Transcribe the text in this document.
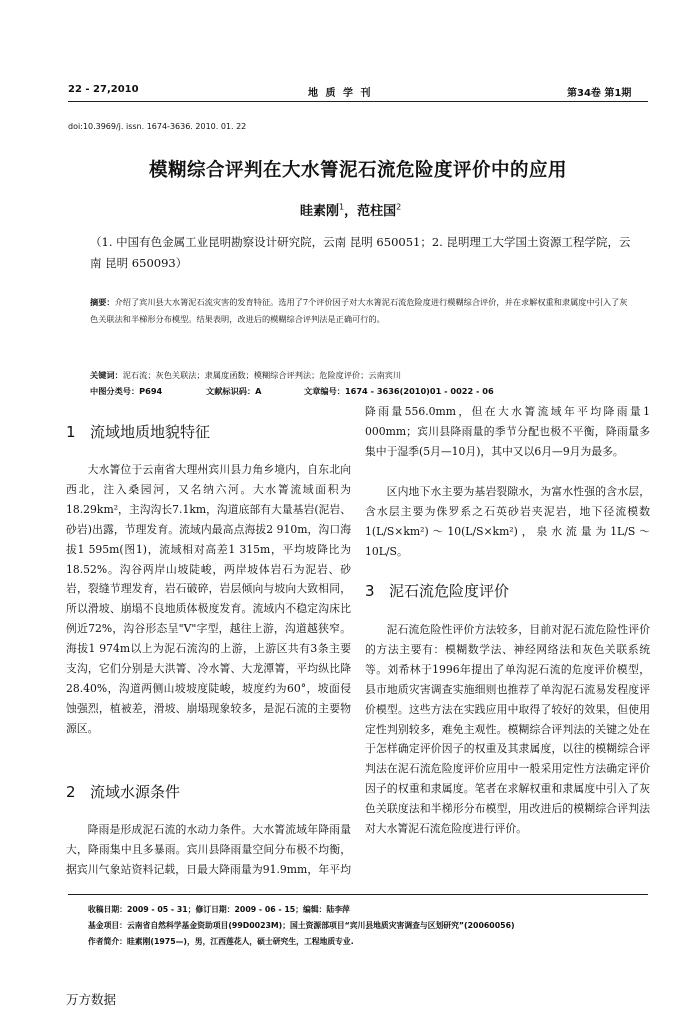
22 - 27,2010	地 质 学 刊	第34卷 第1期
doi:10.3969/j. issn. 1674-3636. 2010. 01. 22
模糊综合评判在大水箐泥石流危险度评价中的应用
眭素刚$^1$，范柱国$^2$
（1. 中国有色金属工业昆明勘察设计研究院，云南 昆明 650051；2. 昆明理工大学国土资源工程学院，云南 昆明 650093）
摘要：介绍了宾川县大水箐泥石流灾害的发育特征。选用了7个评价因子对大水箐泥石流危险度进行模糊综合评价，并在求解权重和隶属度中引入了灰色关联法和半梯形分布模型。结果表明，改进后的模糊综合评判法是正确可行的。
关键词：泥石流；灰色关联法；隶属度函数；模糊综合评判法；危险度评价；云南宾川
中图分类号：P694	文献标识码：A	文章编号：1674 - 3636(2010)01 - 0022 - 06
1 流域地质地貌特征

大水箐位于云南省大理州宾川县力角乡境内，自东北向西北，注入桑园河，又名纳六河。大水箐流域面积为18.29km²，主沟沟长7.1km，沟道底部有大量基岩(泥岩、砂岩)出露，节理发育。流域内最高点海拔2 910m，沟口海拔1 595m(图1)，流域相对高差1 315m，平均坡降比为18.52%。沟谷两岸山坡陡峻，两岸坡体岩石为泥岩、砂岩，裂缝节理发育，岩石破碎，岩层倾向与坡向大致相同，所以滑坡、崩塌不良地质体极度发育。流域内不稳定沟床比例近72%，沟谷形态呈"V"字型，越往上游，沟道越狭窄。海拔1 974m以上为泥石流沟的上游，上游区共有3条主要支沟，它们分别是大洪箐、冷水箐、大龙潭箐，平均纵比降28.40%，沟道两侧山坡坡度陡峻，坡度约为60°，坡面侵蚀强烈，植被差，滑坡、崩塌现象较多，是泥石流的主要物源区。

2 流域水源条件

降雨是形成泥石流的水动力条件。大水箐流域年降雨量大，降雨集中且多暴雨。宾川县降雨量空间分布极不均衡，据宾川气象站资料记载，日最大降雨量为91.9mm，年平均

降雨量556.0mm，但在大水箐流域年平均降雨量1 000mm；宾川县降雨量的季节分配也极不平衡，降雨量多集中于湿季(5月—10月)，其中又以6月—9月为最多。

区内地下水主要为基岩裂隙水，为富水性强的含水层，含水层主要为侏罗系之石英砂岩夹泥岩，地下径流模数1(L/S×km²)～10(L/S×km²)，泉水流量为1L/S～10L/S。

3 泥石流危险度评价

泥石流危险性评价方法较多，目前对泥石流危险性评价的方法主要有：模糊数学法、神经网络法和灰色关联系统等。刘希林于1996年提出了单沟泥石流的危度评价模型，县市地质灾害调查实施细则也推荐了单沟泥石流易发程度评价模型。这些方法在实践应用中取得了较好的效果，但使用定性判别较多，难免主观性。模糊综合评判法的关键之处在于怎样确定评价因子的权重及其隶属度，以往的模糊综合评判法在泥石流危险度评价应用中一般采用定性方法确定评价因子的权重和隶属度。笔者在求解权重和隶属度中引入了灰色关联度法和半梯形分布模型，用改进后的模糊综合评判法对大水箐泥石流危险度进行评价。

收稿日期：2009 - 05 - 31；修订日期：2009 - 06 - 15；编辑：陆李萍
基金项目：云南省自然科学基金资助项目(99D0023M)；国土资源部项目“宾川县地质灾害调查与区划研究”(20060056)
作者简介：眭素刚(1975—)，男，江西莲花人，硕士研究生，工程地质专业.
万方数据
